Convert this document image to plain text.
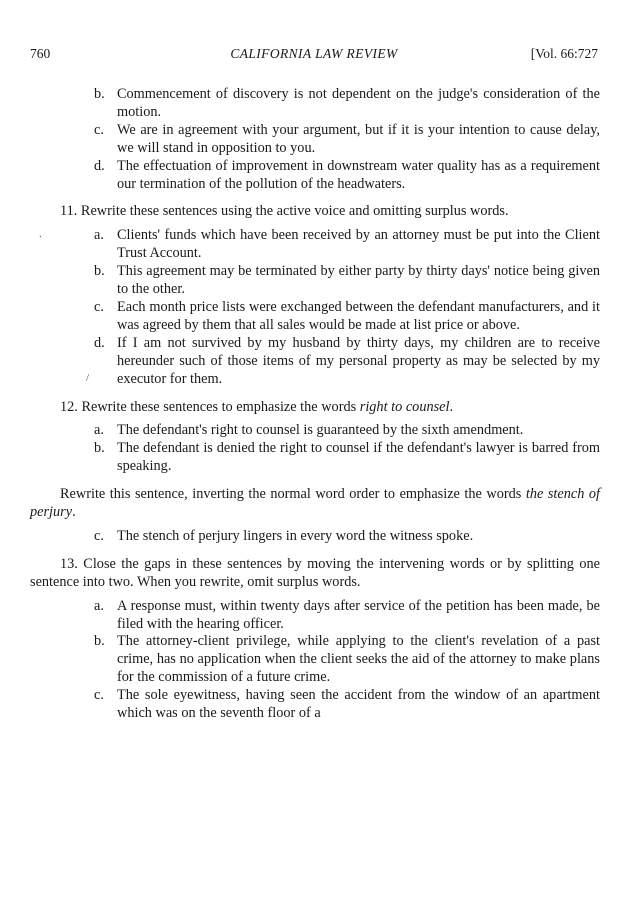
760	CALIFORNIA LAW REVIEW	[Vol. 66:727
.
/
b. Commencement of discovery is not dependent on the judge's consideration of the motion.
c. We are in agreement with your argument, but if it is your intention to cause delay, we will stand in opposition to you.
d. The effectuation of improvement in downstream water quality has as a requirement our termination of the pollution of the headwaters.

11. Rewrite these sentences using the active voice and omitting surplus words.

a. Clients' funds which have been received by an attorney must be put into the Client Trust Account.
b. This agreement may be terminated by either party by thirty days' notice being given to the other.
c. Each month price lists were exchanged between the defendant manufacturers, and it was agreed by them that all sales would be made at list price or above.
d. If I am not survived by my husband by thirty days, my children are to receive hereunder such of those items of my personal property as may be selected by my executor for them.

12. Rewrite these sentences to emphasize the words right to counsel.

a. The defendant's right to counsel is guaranteed by the sixth amendment.
b. The defendant is denied the right to counsel if the defendant's lawyer is barred from speaking.

Rewrite this sentence, inverting the normal word order to emphasize the words the stench of perjury.

c. The stench of perjury lingers in every word the witness spoke.

13. Close the gaps in these sentences by moving the intervening words or by splitting one sentence into two. When you rewrite, omit surplus words.

a. A response must, within twenty days after service of the petition has been made, be filed with the hearing officer.
b. The attorney-client privilege, while applying to the client's revelation of a past crime, has no application when the client seeks the aid of the attorney to make plans for the commission of a future crime.
c. The sole eyewitness, having seen the accident from the window of an apartment which was on the seventh floor of a
